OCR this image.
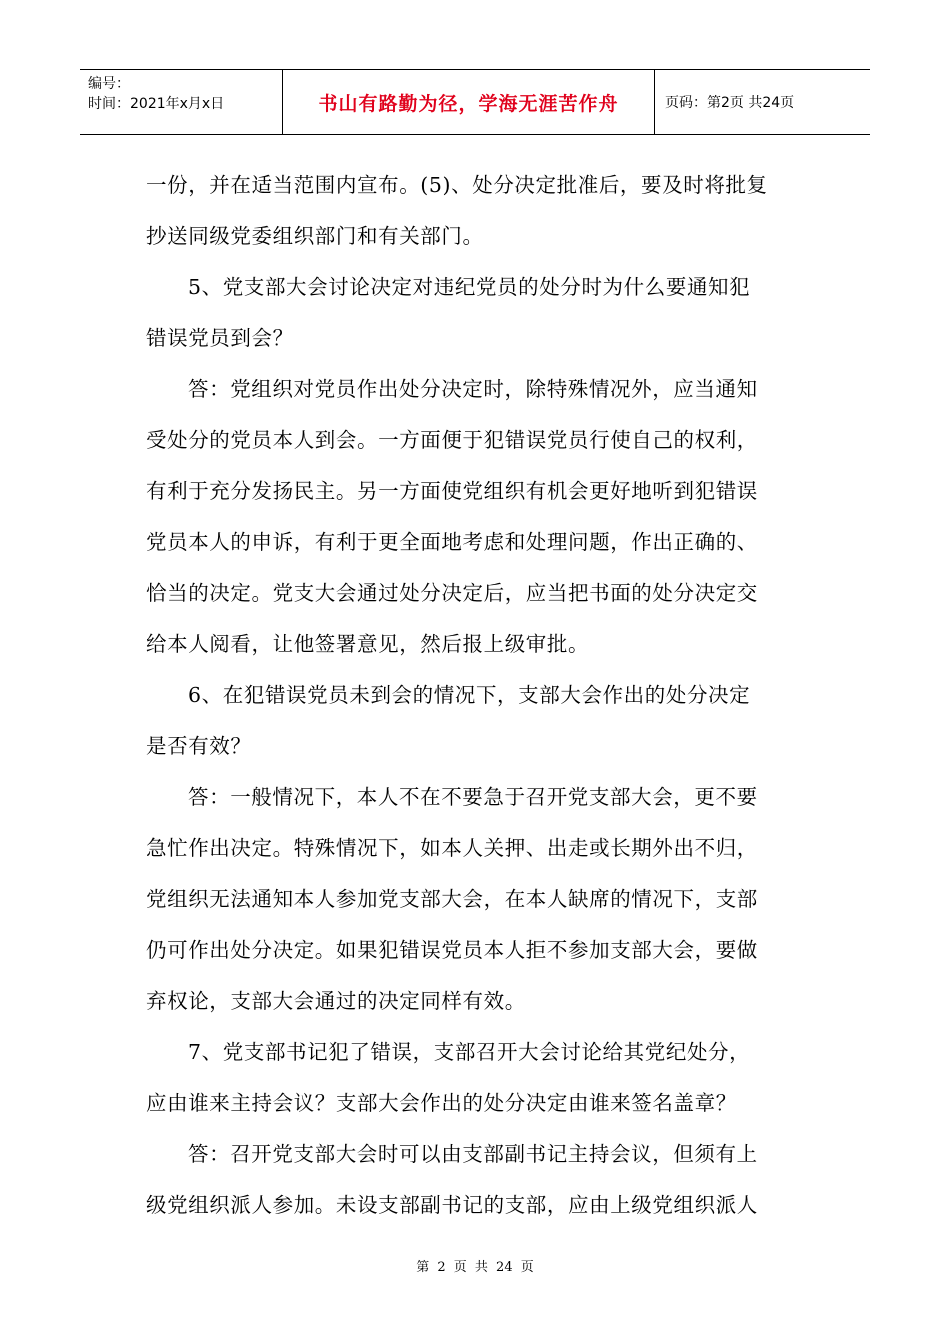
编号：
时间：2021年x月x日	书山有路勤为径，学海无涯苦作舟	页码：第2页 共24页
一份，并在适当范围内宣布。(5)、处分决定批准后，要及时将批复
抄送同级党委组织部门和有关部门。
5、党支部大会讨论决定对违纪党员的处分时为什么要通知犯
错误党员到会？
答：党组织对党员作出处分决定时，除特殊情况外，应当通知
受处分的党员本人到会。一方面便于犯错误党员行使自己的权利，
有利于充分发扬民主。另一方面使党组织有机会更好地听到犯错误
党员本人的申诉，有利于更全面地考虑和处理问题，作出正确的、
恰当的决定。党支大会通过处分决定后，应当把书面的处分决定交
给本人阅看，让他签署意见，然后报上级审批。
6、在犯错误党员未到会的情况下，支部大会作出的处分决定
是否有效？
答：一般情况下，本人不在不要急于召开党支部大会，更不要
急忙作出决定。特殊情况下，如本人关押、出走或长期外出不归，
党组织无法通知本人参加党支部大会，在本人缺席的情况下，支部
仍可作出处分决定。如果犯错误党员本人拒不参加支部大会，要做
弃权论，支部大会通过的决定同样有效。
7、党支部书记犯了错误，支部召开大会讨论给其党纪处分，
应由谁来主持会议？支部大会作出的处分决定由谁来签名盖章？
答：召开党支部大会时可以由支部副书记主持会议，但须有上
级党组织派人参加。未设支部副书记的支部，应由上级党组织派人
第 2 页 共 24 页
